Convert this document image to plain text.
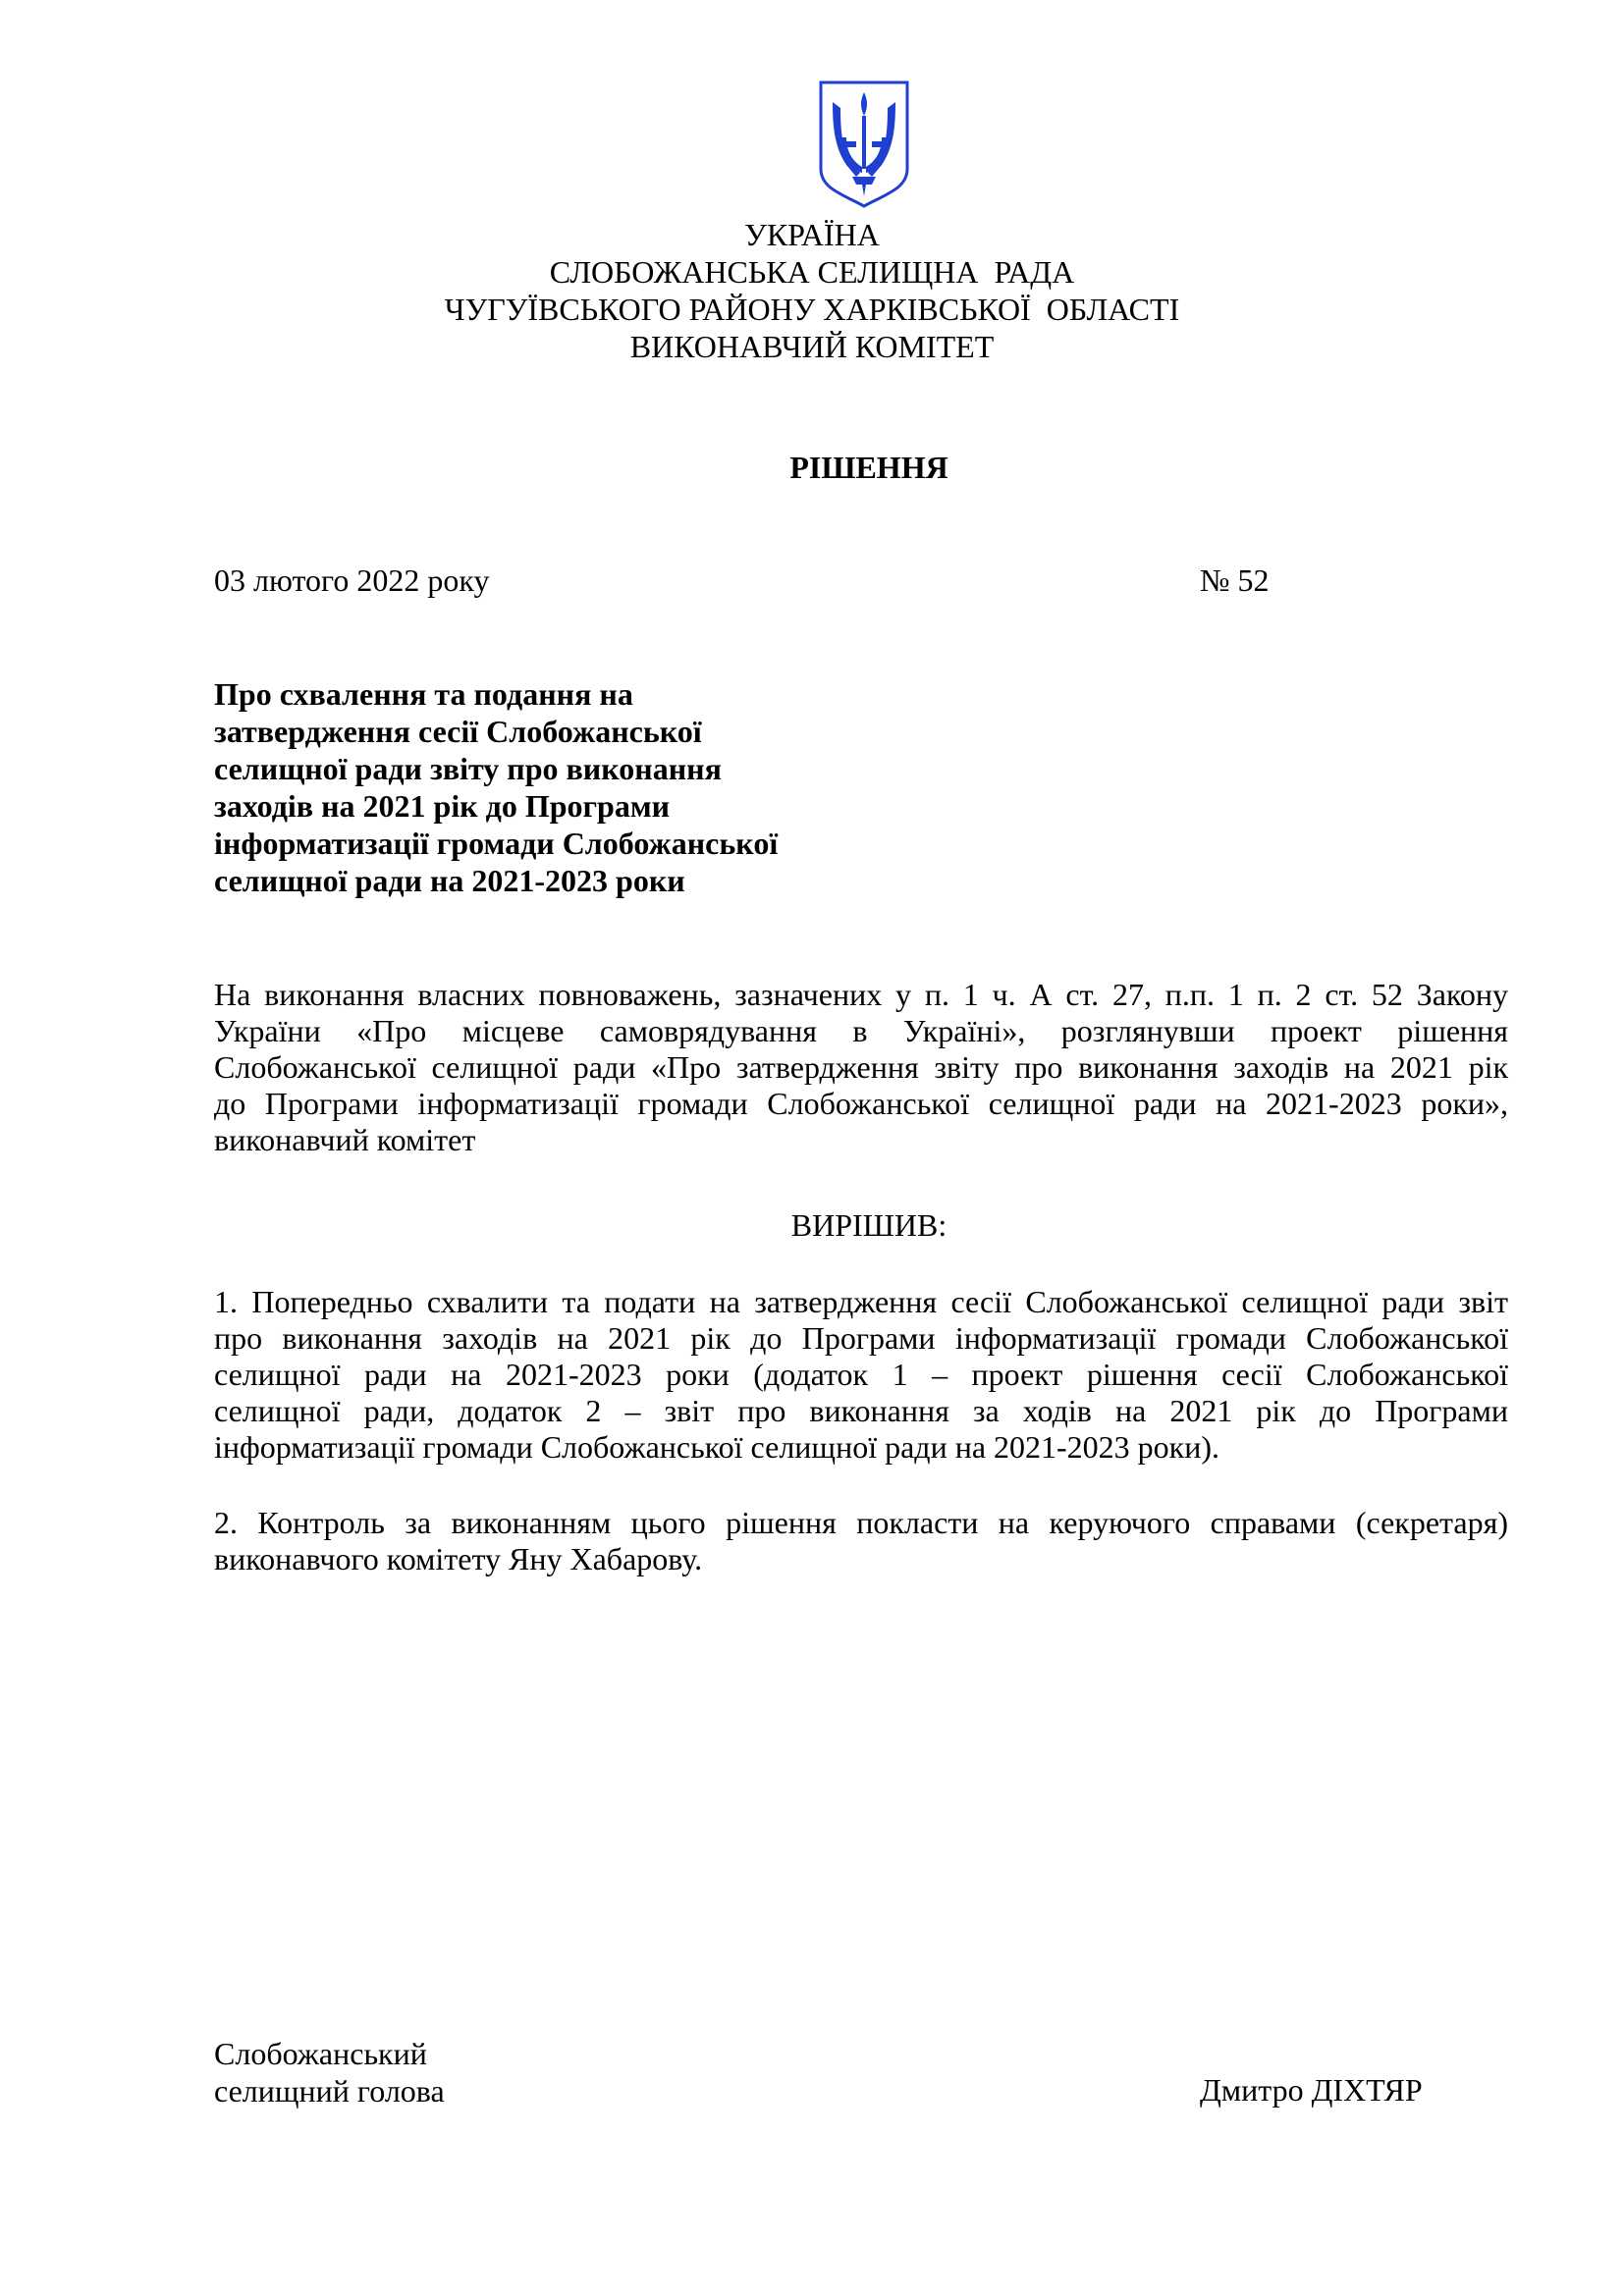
УКРАЇНА
СЛОБОЖАНСЬКА СЕЛИЩНА  РАДА
ЧУГУЇВСЬКОГО РАЙОНУ ХАРКІВСЬКОЇ  ОБЛАСТІ
ВИКОНАВЧИЙ КОМІТЕТ
РІШЕННЯ
03 лютого 2022 року	№ 52
Про схвалення та подання на
затвердження сесії Слобожанської
селищної ради звіту про виконання
заходів на 2021 рік до Програми
інформатизації громади Слобожанської
селищної ради на 2021-2023 роки
На виконання власних повноважень, зазначених у п. 1 ч. А ст. 27, п.п. 1 п. 2 ст. 52 Закону
України «Про місцеве самоврядування в Україні», розглянувши проект рішення
Слобожанської селищної ради «Про затвердження звіту про виконання заходів на 2021 рік
до Програми інформатизації громади Слобожанської селищної ради на 2021-2023 роки»,
виконавчий комітет
ВИРІШИВ:
1. Попередньо схвалити та подати на затвердження сесії Слобожанської селищної ради звіт
про виконання заходів на 2021 рік до Програми інформатизації громади Слобожанської
селищної ради на 2021-2023 роки (додаток 1 – проект рішення сесії Слобожанської
селищної ради, додаток 2 – звіт про виконання за ходів на 2021 рік до Програми
інформатизації громади Слобожанської селищної ради на 2021-2023 роки).
2. Контроль за виконанням цього рішення покласти на керуючого справами (секретаря)
виконавчого комітету Яну Хабарову.
Слобожанський
селищний голова	Дмитро ДІХТЯР
